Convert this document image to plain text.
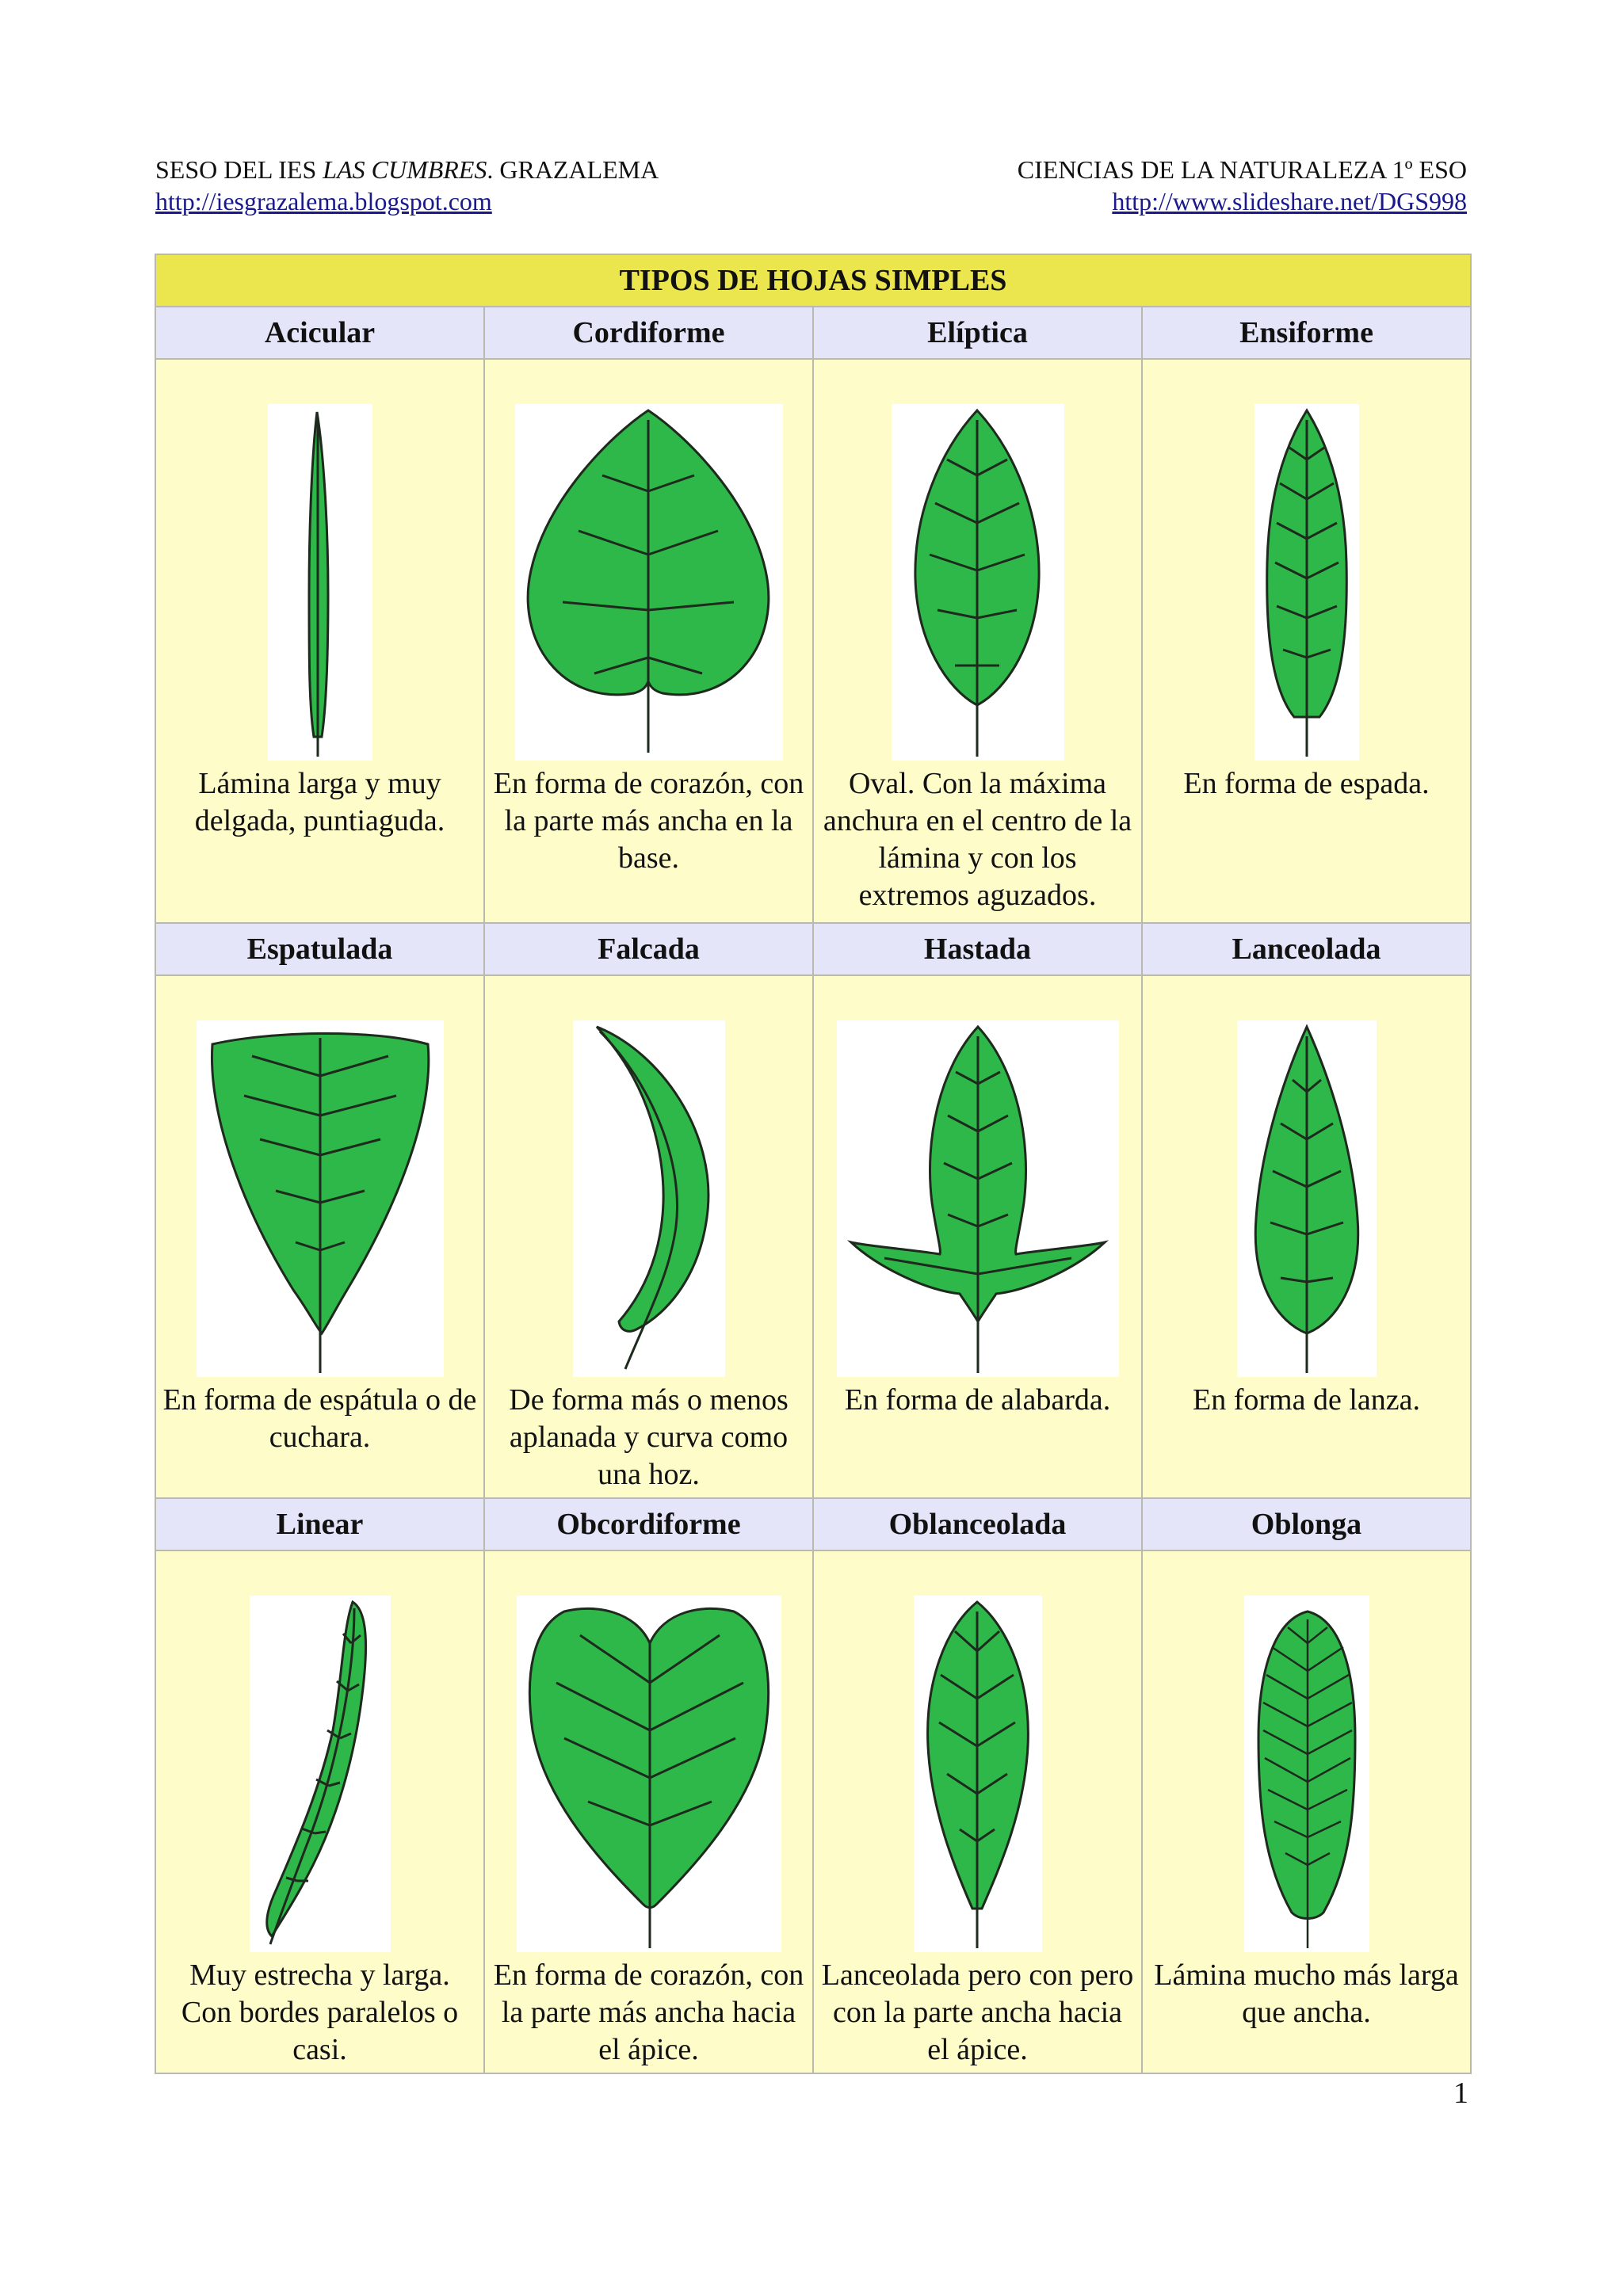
SESO DEL IES LAS CUMBRES. GRAZALEMA
http://iesgrazalema.blogspot.com
CIENCIAS DE LA NATURALEZA 1º ESO
http://www.slideshare.net/DGS998
TIPOS DE HOJAS SIMPLES			
Acicular	Cordiforme	Elíptica	Ensiforme

Lámina larga y muy delgada, puntiaguda.	En forma de corazón, con la parte más ancha en la base.	Oval. Con la máxima anchura en el centro de la lámina y con los extremos aguzados.	En forma de espada.

Espatulada	Falcada	Hastada	Lanceolada

En forma de espátula o de cuchara.	De forma más o menos aplanada y curva como una hoz.	En forma de alabarda.	En forma de lanza.

Linear	Obcordiforme	Oblanceolada	Oblonga

Muy estrecha y larga. Con bordes paralelos o casi.	En forma de corazón, con la parte más ancha hacia el ápice.	Lanceolada pero con pero con la parte ancha hacia el ápice.	Lámina mucho más larga que ancha.
1
